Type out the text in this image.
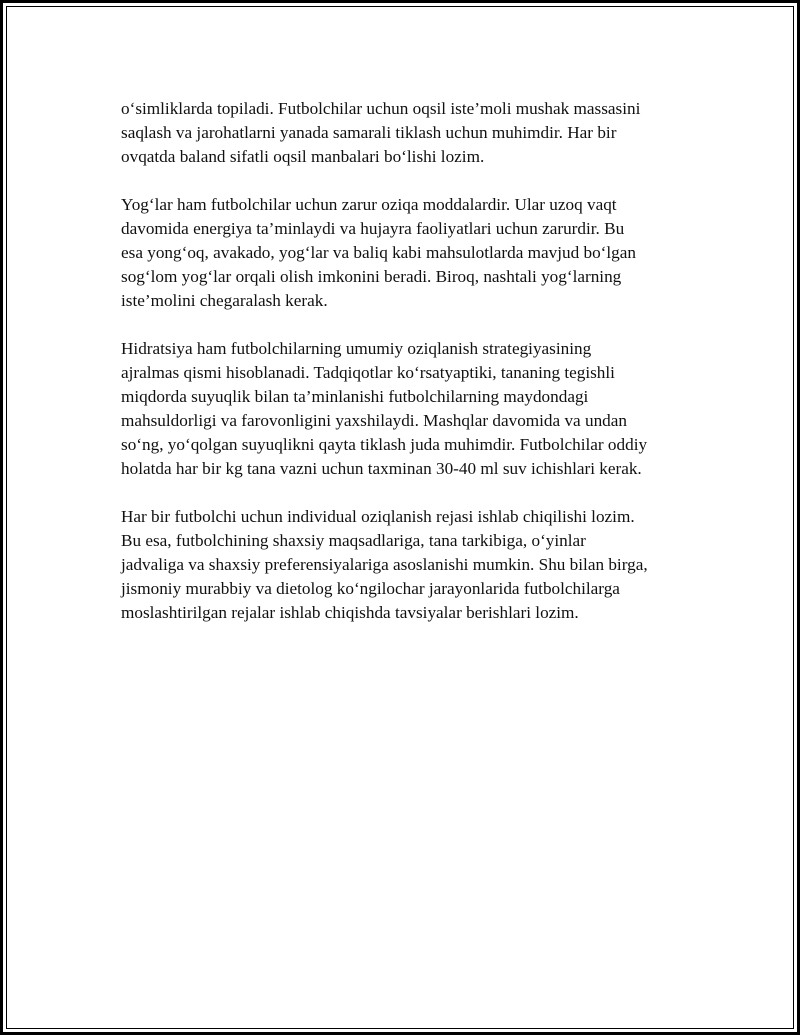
o‘simliklarda topiladi. Futbolchilar uchun oqsil iste’moli mushak massasini
saqlash va jarohatlarni yanada samarali tiklash uchun muhimdir. Har bir
ovqatda baland sifatli oqsil manbalari bo‘lishi lozim.

Yog‘lar ham futbolchilar uchun zarur oziqa moddalardir. Ular uzoq vaqt
davomida energiya ta’minlaydi va hujayra faoliyatlari uchun zarurdir. Bu
esa yong‘oq, avakado, yog‘lar va baliq kabi mahsulotlarda mavjud bo‘lgan
sog‘lom yog‘lar orqali olish imkonini beradi. Biroq, nashtali yog‘larning
iste’molini chegaralash kerak.

Hidratsiya ham futbolchilarning umumiy oziqlanish strategiyasining
ajralmas qismi hisoblanadi. Tadqiqotlar ko‘rsatyaptiki, tananing tegishli
miqdorda suyuqlik bilan ta’minlanishi futbolchilarning maydondagi
mahsuldorligi va farovonligini yaxshilaydi. Mashqlar davomida va undan
so‘ng, yo‘qolgan suyuqlikni qayta tiklash juda muhimdir. Futbolchilar oddiy
holatda har bir kg tana vazni uchun taxminan 30-40 ml suv ichishlari kerak.

Har bir futbolchi uchun individual oziqlanish rejasi ishlab chiqilishi lozim.
Bu esa, futbolchining shaxsiy maqsadlariga, tana tarkibiga, o‘yinlar
jadvaliga va shaxsiy preferensiyalariga asoslanishi mumkin. Shu bilan birga,
jismoniy murabbiy va dietolog ko‘ngilochar jarayonlarida futbolchilarga
moslashtirilgan rejalar ishlab chiqishda tavsiyalar berishlari lozim.
